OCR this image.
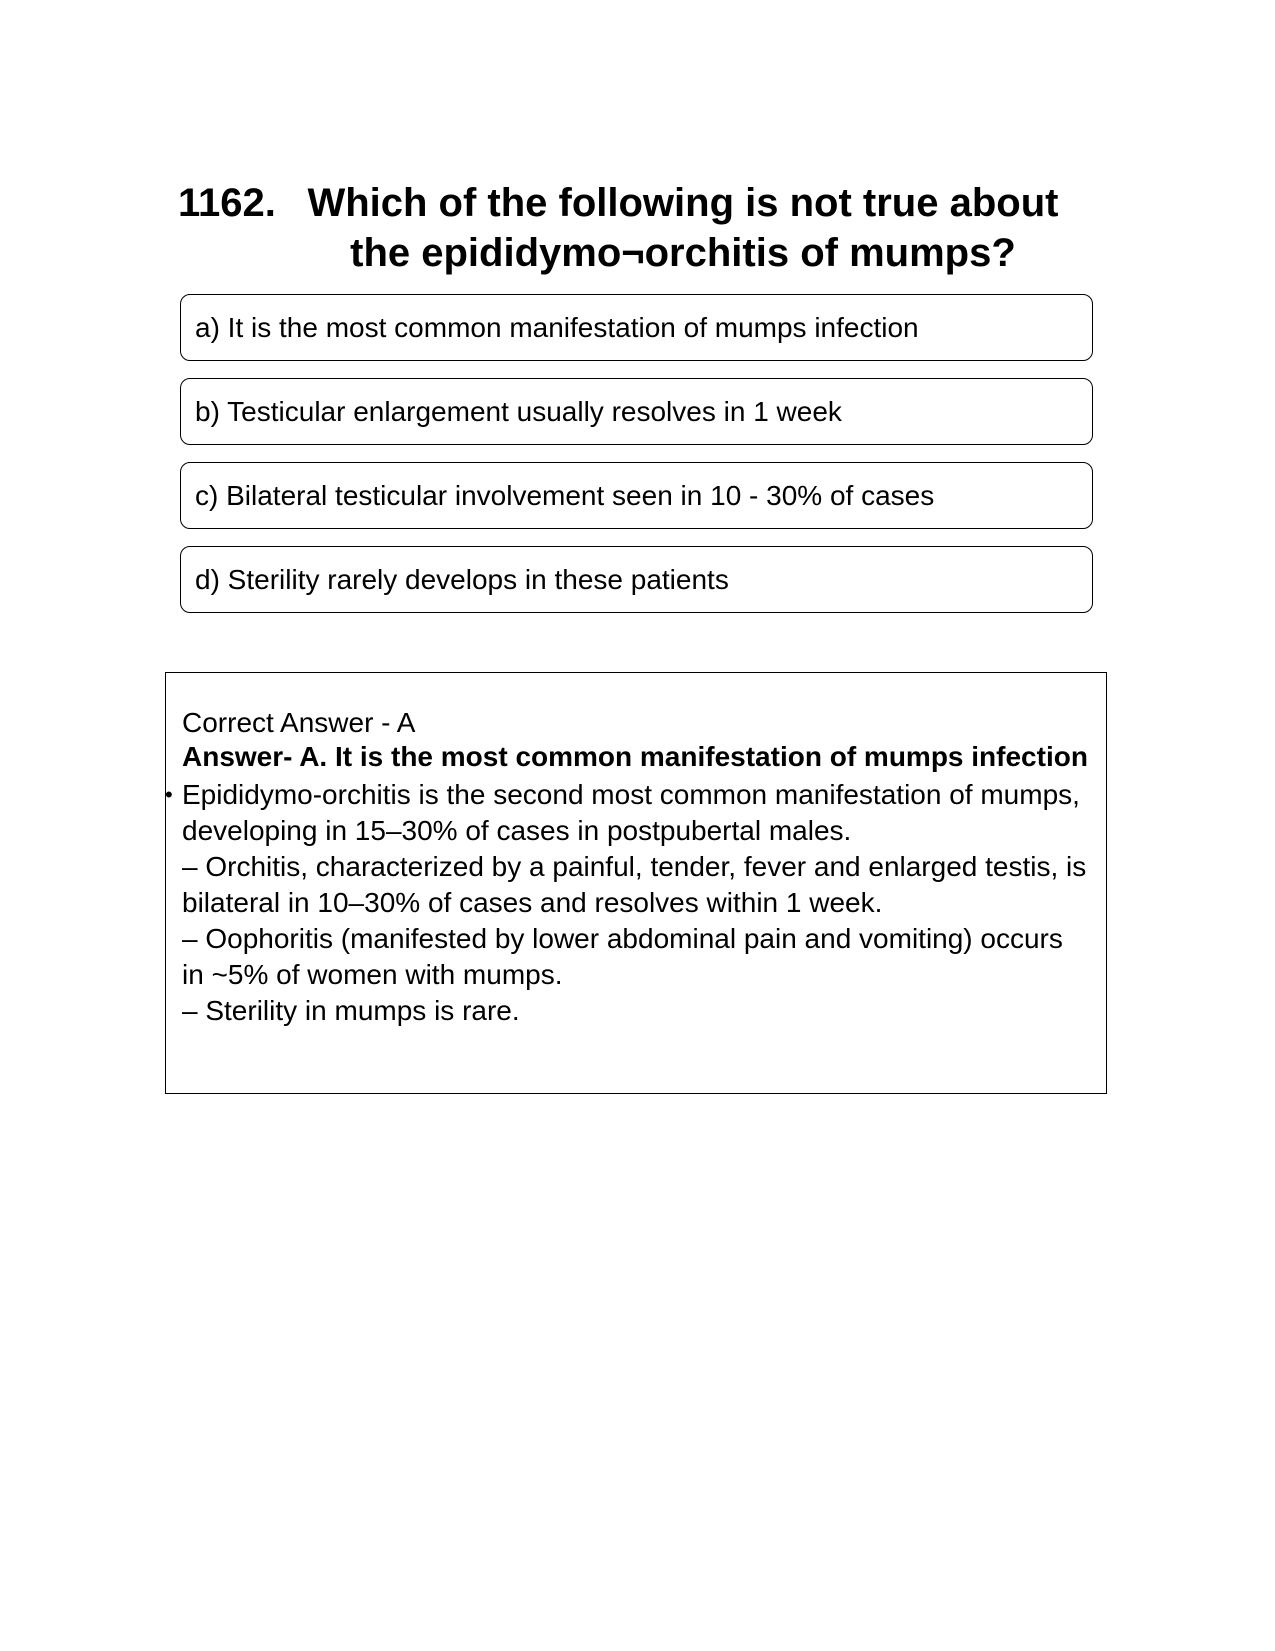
1162. Which of the following is not true about the epididymo¬orchitis of mumps?
a) It is the most common manifestation of mumps infection
b) Testicular enlargement usually resolves in 1 week
c) Bilateral testicular involvement seen in 10 - 30% of cases
d) Sterility rarely develops in these patients

Correct Answer - A

Answer- A. It is the most common manifestation of mumps infection

• Epididymo-orchitis is the second most common manifestation of mumps, developing in 15–30% of cases in postpubertal males.

– Orchitis, characterized by a painful, tender, fever and enlarged testis, is bilateral in 10–30% of cases and resolves within 1 week.

– Oophoritis (manifested by lower abdominal pain and vomiting) occurs in ~5% of women with mumps.

– Sterility in mumps is rare.
